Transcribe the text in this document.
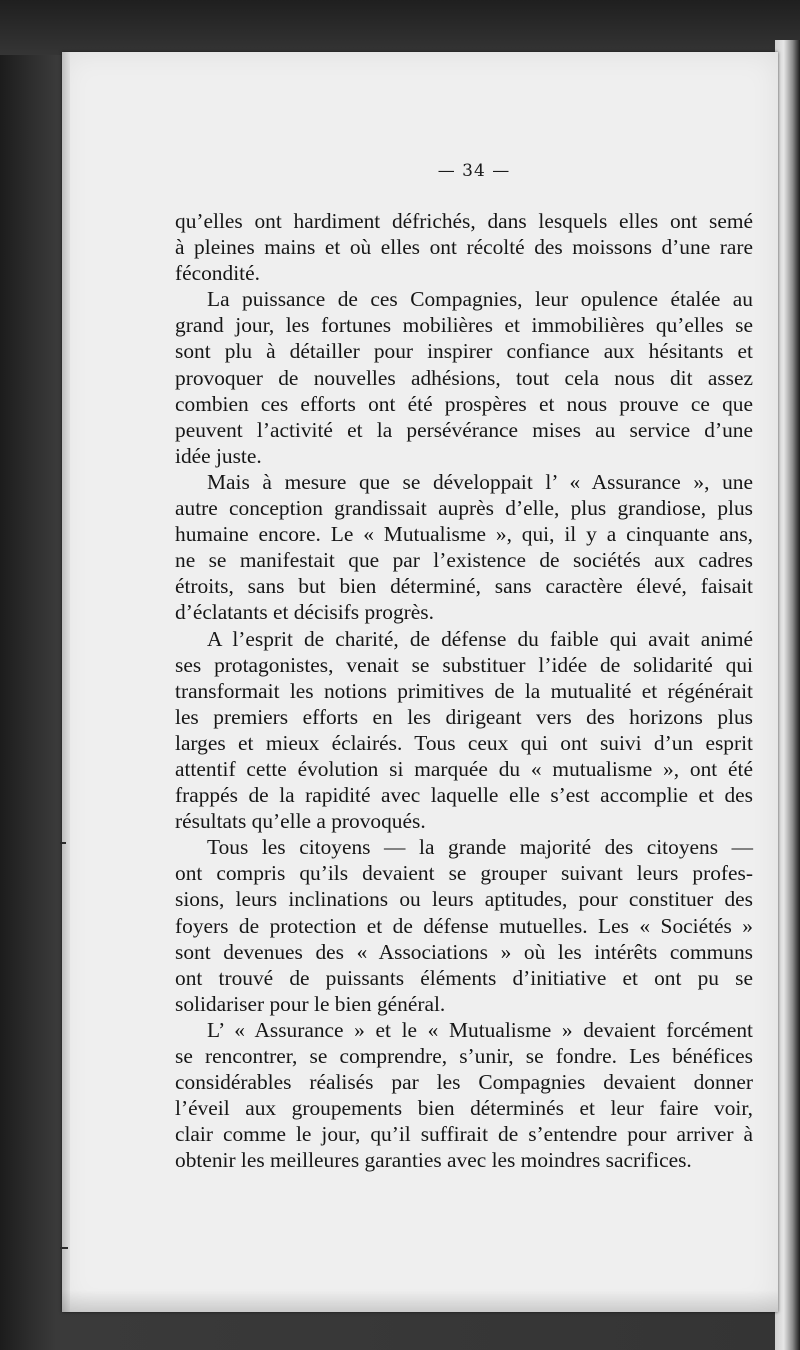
— 34 —
qu’elles ont hardiment défrichés, dans lesquels elles ont semé
à pleines mains et où elles ont récolté des moissons d’une rare
fécondité.
La puissance de ces Compagnies, leur opulence étalée au
grand jour, les fortunes mobilières et immobilières qu’elles se
sont plu à détailler pour inspirer confiance aux hésitants et
provoquer de nouvelles adhésions, tout cela nous dit assez
combien ces efforts ont été prospères et nous prouve ce que
peuvent l’activité et la persévérance mises au service d’une
idée juste.
Mais à mesure que se développait l’ « Assurance », une
autre conception grandissait auprès d’elle, plus grandiose, plus
humaine encore. Le « Mutualisme », qui, il y a cinquante ans,
ne se manifestait que par l’existence de sociétés aux cadres
étroits, sans but bien déterminé, sans caractère élevé, faisait
d’éclatants et décisifs progrès.
A l’esprit de charité, de défense du faible qui avait animé
ses protagonistes, venait se substituer l’idée de solidarité qui
transformait les notions primitives de la mutualité et régénérait
les premiers efforts en les dirigeant vers des horizons plus
larges et mieux éclairés. Tous ceux qui ont suivi d’un esprit
attentif cette évolution si marquée du « mutualisme », ont été
frappés de la rapidité avec laquelle elle s’est accomplie et des
résultats qu’elle a provoqués.
Tous les citoyens — la grande majorité des citoyens —
ont compris qu’ils devaient se grouper suivant leurs profes-
sions, leurs inclinations ou leurs aptitudes, pour constituer des
foyers de protection et de défense mutuelles. Les « Sociétés »
sont devenues des « Associations » où les intérêts communs
ont trouvé de puissants éléments d’initiative et ont pu se
solidariser pour le bien général.
L’ « Assurance » et le « Mutualisme » devaient forcément
se rencontrer, se comprendre, s’unir, se fondre. Les bénéfices
considérables réalisés par les Compagnies devaient donner
l’éveil aux groupements bien déterminés et leur faire voir,
clair comme le jour, qu’il suffirait de s’entendre pour arriver à
obtenir les meilleures garanties avec les moindres sacrifices.
